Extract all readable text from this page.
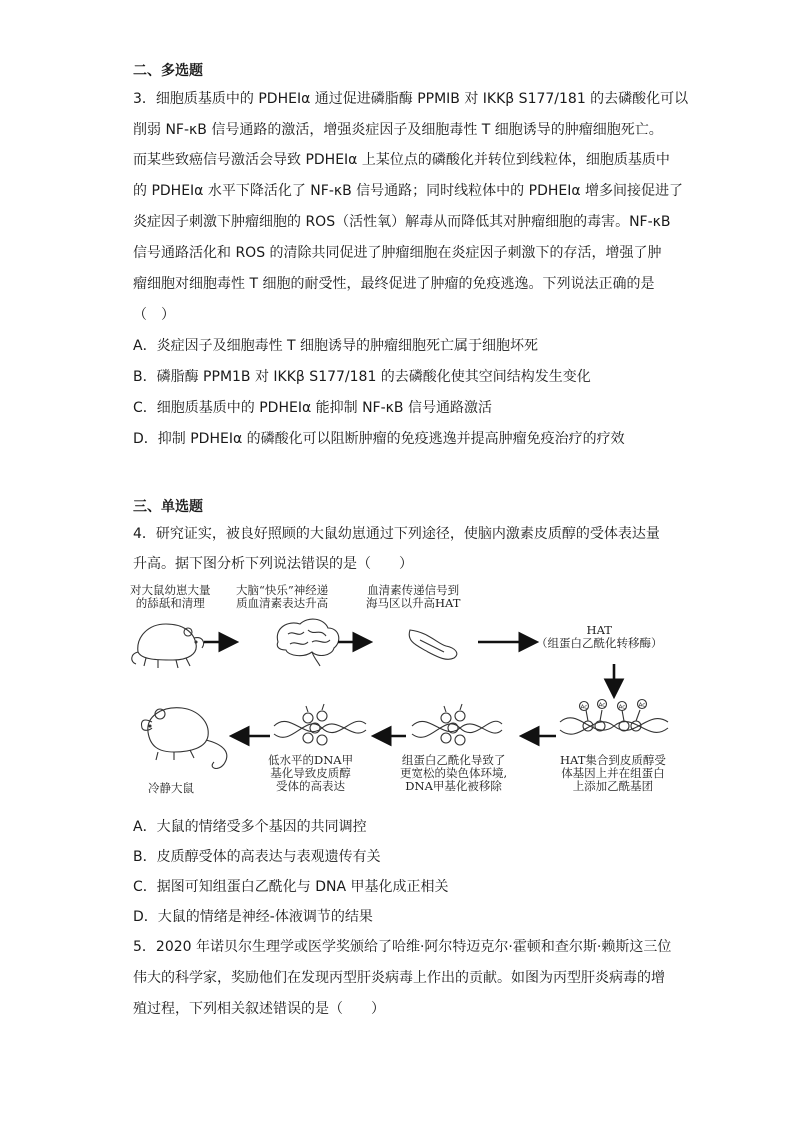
二、多选题
3．细胞质基质中的 PDHEIα 通过促进磷脂酶 PPMIB 对 IKKβ S177/181 的去磷酸化可以
削弱 NF-κB 信号通路的激活，增强炎症因子及细胞毒性 T 细胞诱导的肿瘤细胞死亡。
而某些致癌信号激活会导致 PDHEIα 上某位点的磷酸化并转位到线粒体，细胞质基质中
的 PDHEIα 水平下降活化了 NF-κB 信号通路；同时线粒体中的 PDHEIα 增多间接促进了
炎症因子刺激下肿瘤细胞的 ROS（活性氧）解毒从而降低其对肿瘤细胞的毒害。NF-κB
信号通路活化和 ROS 的清除共同促进了肿瘤细胞在炎症因子刺激下的存活，增强了肿
瘤细胞对细胞毒性 T 细胞的耐受性，最终促进了肿瘤的免疫逃逸。下列说法正确的是
（　）
A．炎症因子及细胞毒性 T 细胞诱导的肿瘤细胞死亡属于细胞坏死
B．磷脂酶 PPM1B 对 IKKβ S177/181 的去磷酸化使其空间结构发生变化
C．细胞质基质中的 PDHEIα 能抑制 NF-κB 信号通路激活
D．抑制 PDHEIα 的磷酸化可以阻断肿瘤的免疫逃逸并提高肿瘤免疫治疗的疗效
三、单选题
4．研究证实，被良好照顾的大鼠幼崽通过下列途径，使脑内激素皮质醇的受体表达量
升高。据下图分析下列说法错误的是（　　）
Ac Ac Ac Ac
对大鼠幼崽大量
的舔舐和清理
大脑“快乐”神经递
质血清素表达升高
血清素传递信号到
海马区以升高HAT
HAT
（组蛋白乙酰化转移酶）
HAT集合到皮质醇受
体基因上并在组蛋白
上添加乙酰基团
组蛋白乙酰化导致了
更宽松的染色体环境,
DNA甲基化被移除
低水平的DNA甲
基化导致皮质醇
受体的高表达
冷静大鼠
A．大鼠的情绪受多个基因的共同调控
B．皮质醇受体的高表达与表观遗传有关
C．据图可知组蛋白乙酰化与 DNA 甲基化成正相关
D．大鼠的情绪是神经-体液调节的结果
5．2020 年诺贝尔生理学或医学奖颁给了哈维·阿尔特迈克尔·霍顿和查尔斯·赖斯这三位
伟大的科学家，奖励他们在发现丙型肝炎病毒上作出的贡献。如图为丙型肝炎病毒的增
殖过程，下列相关叙述错误的是（　　）
